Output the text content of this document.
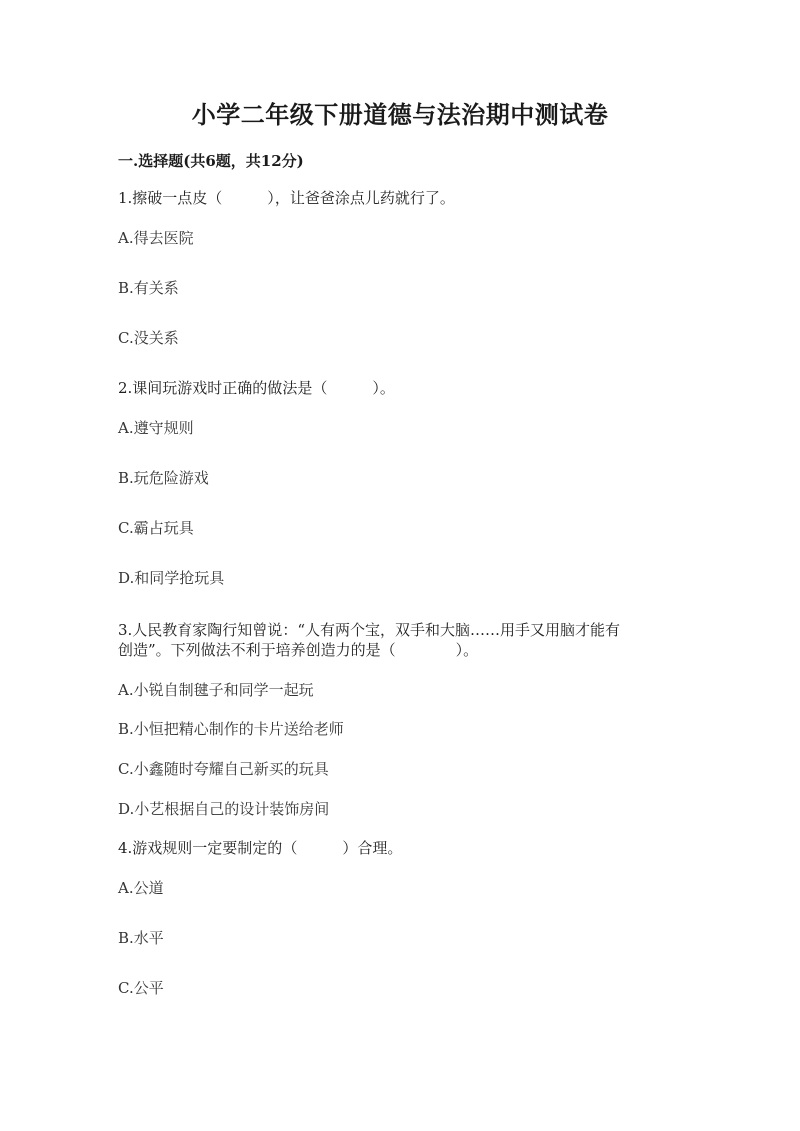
小学二年级下册道德与法治期中测试卷
一.选择题(共6题，共12分)
1.擦破一点皮（　　　），让爸爸涂点儿药就行了。
A.得去医院
B.有关系
C.没关系
2.课间玩游戏时正确的做法是（　　　）。
A.遵守规则
B.玩危险游戏
C.霸占玩具
D.和同学抢玩具
3.人民教育家陶行知曾说：“人有两个宝，双手和大脑……用手又用脑才能有
创造”。下列做法不利于培养创造力的是（　　　　）。
A.小锐自制毽子和同学一起玩
B.小恒把精心制作的卡片送给老师
C.小鑫随时夸耀自己新买的玩具
D.小艺根据自己的设计装饰房间
4.游戏规则一定要制定的（　　　）合理。
A.公道
B.水平
C.公平
